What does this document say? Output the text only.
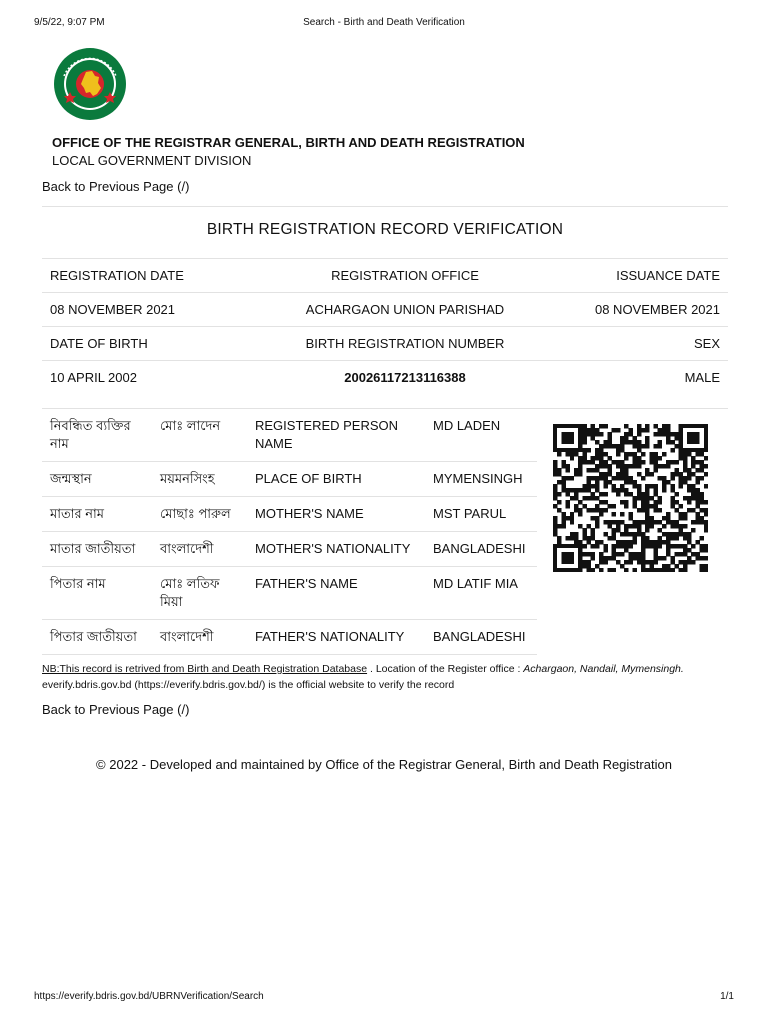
9/5/22, 9:07 PM	Search - Birth and Death Verification
OFFICE OF THE REGISTRAR GENERAL, BIRTH AND DEATH REGISTRATION
LOCAL GOVERNMENT DIVISION
Back to Previous Page (/)
BIRTH REGISTRATION RECORD VERIFICATION
REGISTRATION DATE	REGISTRATION OFFICE	ISSUANCE DATE
08 NOVEMBER 2021	ACHARGAON UNION PARISHAD	08 NOVEMBER 2021
DATE OF BIRTH	BIRTH REGISTRATION NUMBER	SEX
10 APRIL 2002	20026117213116388	MALE
নিবন্ধিত ব্যক্তির নাম	মোঃ লাদেন	REGISTERED PERSON NAME	MD LADEN
জন্মস্থান	ময়মনসিংহ	PLACE OF BIRTH	MYMENSINGH
মাতার নাম	মোছাঃ পারুল	MOTHER'S NAME	MST PARUL
মাতার জাতীয়তা	বাংলাদেশী	MOTHER'S NATIONALITY	BANGLADESHI
পিতার নাম	মোঃ লতিফ মিয়া	FATHER'S NAME	MD LATIF MIA
পিতার জাতীয়তা	বাংলাদেশী	FATHER'S NATIONALITY	BANGLADESHI
NB:This record is retrived from Birth and Death Registration Database . Location of the Register office : Achargaon, Nandail, Mymensingh. everify.bdris.gov.bd (https://everify.bdris.gov.bd/) is the official website to verify the record
Back to Previous Page (/)
© 2022 - Developed and maintained by Office of the Registrar General, Birth and Death Registration
https://everify.bdris.gov.bd/UBRNVerification/Search	1/1
